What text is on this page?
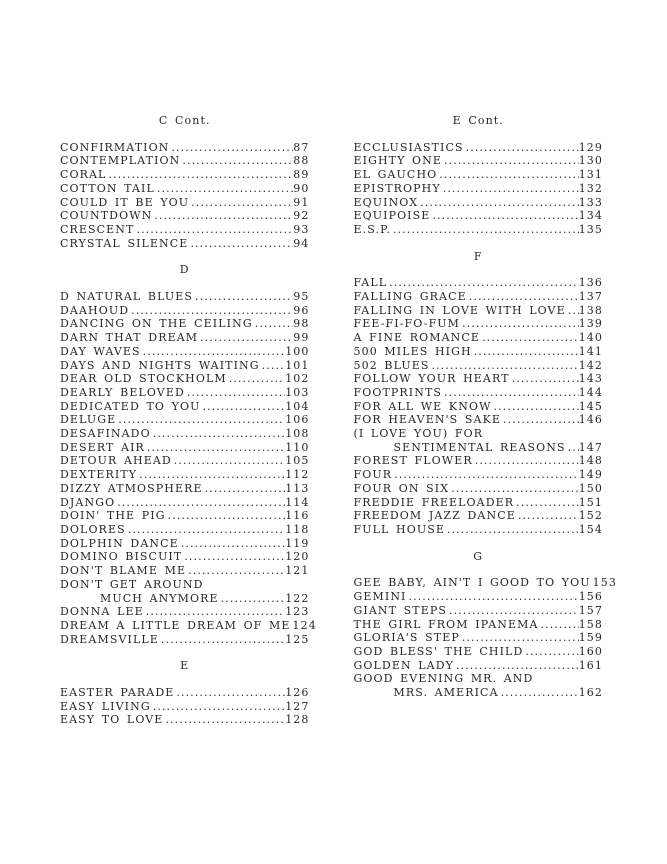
C Cont.
CONFIRMATION .....	87
CONTEMPLATION .....	88
CORAL .....	89
COTTON TAIL .....	90
COULD IT BE YOU .....	91
COUNTDOWN .....	92
CRESCENT .....	93
CRYSTAL SILENCE .....	94
D
D NATURAL BLUES .....	95
DAAHOUD .....	96
DANCING ON THE CEILING .....	98
DARN THAT DREAM .....	99
DAY WAVES .....	100
DAYS AND NIGHTS WAITING ..... 101
DEAR OLD STOCKHOLM .....	102
DEARLY BELOVED .....	103
DEDICATED TO YOU .....	104
DELUGE .....	106
DESAFINADO .....	108
DESERT AIR .....	110
DETOUR AHEAD .....	105
DEXTERITY .....	112
DIZZY ATMOSPHERE .....	113
DJANGO .....	114
DOIN' THE PIG .....	116
DOLORES .....	118
DOLPHIN DANCE .....	119
DOMINO BISCUIT .....	120
DON'T BLAME ME .....	121
DON'T GET AROUND
MUCH ANYMORE .....	122
DONNA LEE .....	123
DREAM A LITTLE DREAM OF ME 124
DREAMSVILLE .....	125
E
EASTER PARADE .....	126
EASY LIVING .....	127
EASY TO LOVE .....	128
E Cont.
ECCLUSIASTICS .....	129
EIGHTY ONE .....	130
EL GAUCHO .....	131
EPISTROPHY .....	132
EQUINOX .....	133
EQUIPOISE .....	134
E.S.P. .....	135
F
FALL .....	136
FALLING GRACE .....	137
FALLING IN LOVE WITH LOVE ..... 138
FEE-FI-FO-FUM .....	139
A FINE ROMANCE .....	140
500 MILES HIGH .....	141
502 BLUES .....	142
FOLLOW YOUR HEART .....	143
FOOTPRINTS .....	144
FOR ALL WE KNOW .....	145
FOR HEAVEN'S SAKE .....	146
(I LOVE YOU) FOR
SENTIMENTAL REASONS ..... 147
FOREST FLOWER .....	148
FOUR .....	149
FOUR ON SIX .....	150
FREDDIE FREELOADER .....	151
FREEDOM JAZZ DANCE .....	152
FULL HOUSE .....	154
G
GEE BABY, AIN'T I GOOD TO YOU 153
GEMINI .....	156
GIANT STEPS .....	157
THE GIRL FROM IPANEMA .....	158
GLORIA'S STEP .....	159
GOD BLESS' THE CHILD .....	160
GOLDEN LADY .....	161
GOOD EVENING MR. AND
MRS. AMERICA .....	162
